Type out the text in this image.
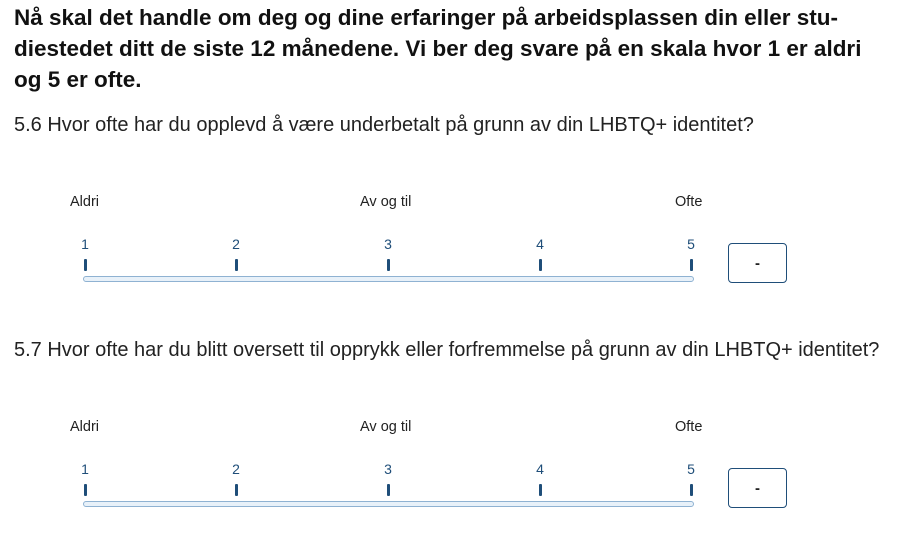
Nå skal det handle om deg og dine erfaringer på arbeidsplassen din eller stu-diestedet ditt de siste 12 månedene. Vi ber deg svare på en skala hvor 1 er aldri og 5 er ofte.

5.6 Hvor ofte har du opplevd å være underbetalt på grunn av din LHBTQ+ identitet?

Aldri	Av og til	Ofte
1	2	3	4	5
-

5.7 Hvor ofte har du blitt oversett til opprykk eller forfremmelse på grunn av din LHBTQ+ identitet?

Aldri	Av og til	Ofte
1	2	3	4	5
-
